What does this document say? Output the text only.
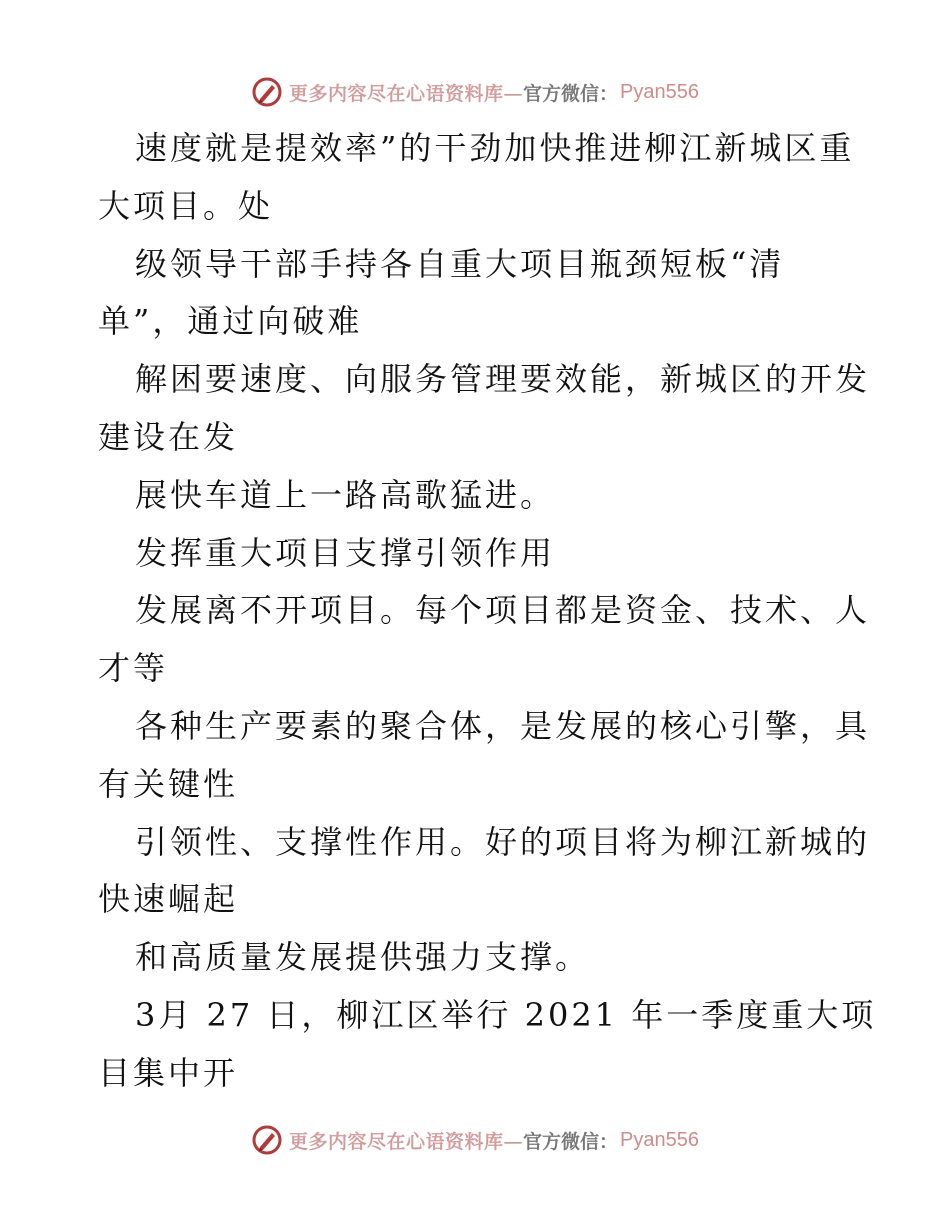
更多内容尽在心语资料库— 官方微信： Pyan556
速度就是提效率”的干劲加快推进柳江新城区重
大项目。处
级领导干部手持各自重大项目瓶颈短板“清
单”，通过向破难
解困要速度、向服务管理要效能，新城区的开发
建设在发
展快车道上一路高歌猛进。
发挥重大项目支撑引领作用
发展离不开项目。每个项目都是资金、技术、人
才等
各种生产要素的聚合体，是发展的核心引擎，具
有关键性
引领性、支撑性作用。好的项目将为柳江新城的
快速崛起
和高质量发展提供强力支撑。
3月 27 日，柳江区举行 2021 年一季度重大项
目集中开
更多内容尽在心语资料库— 官方微信： Pyan556
